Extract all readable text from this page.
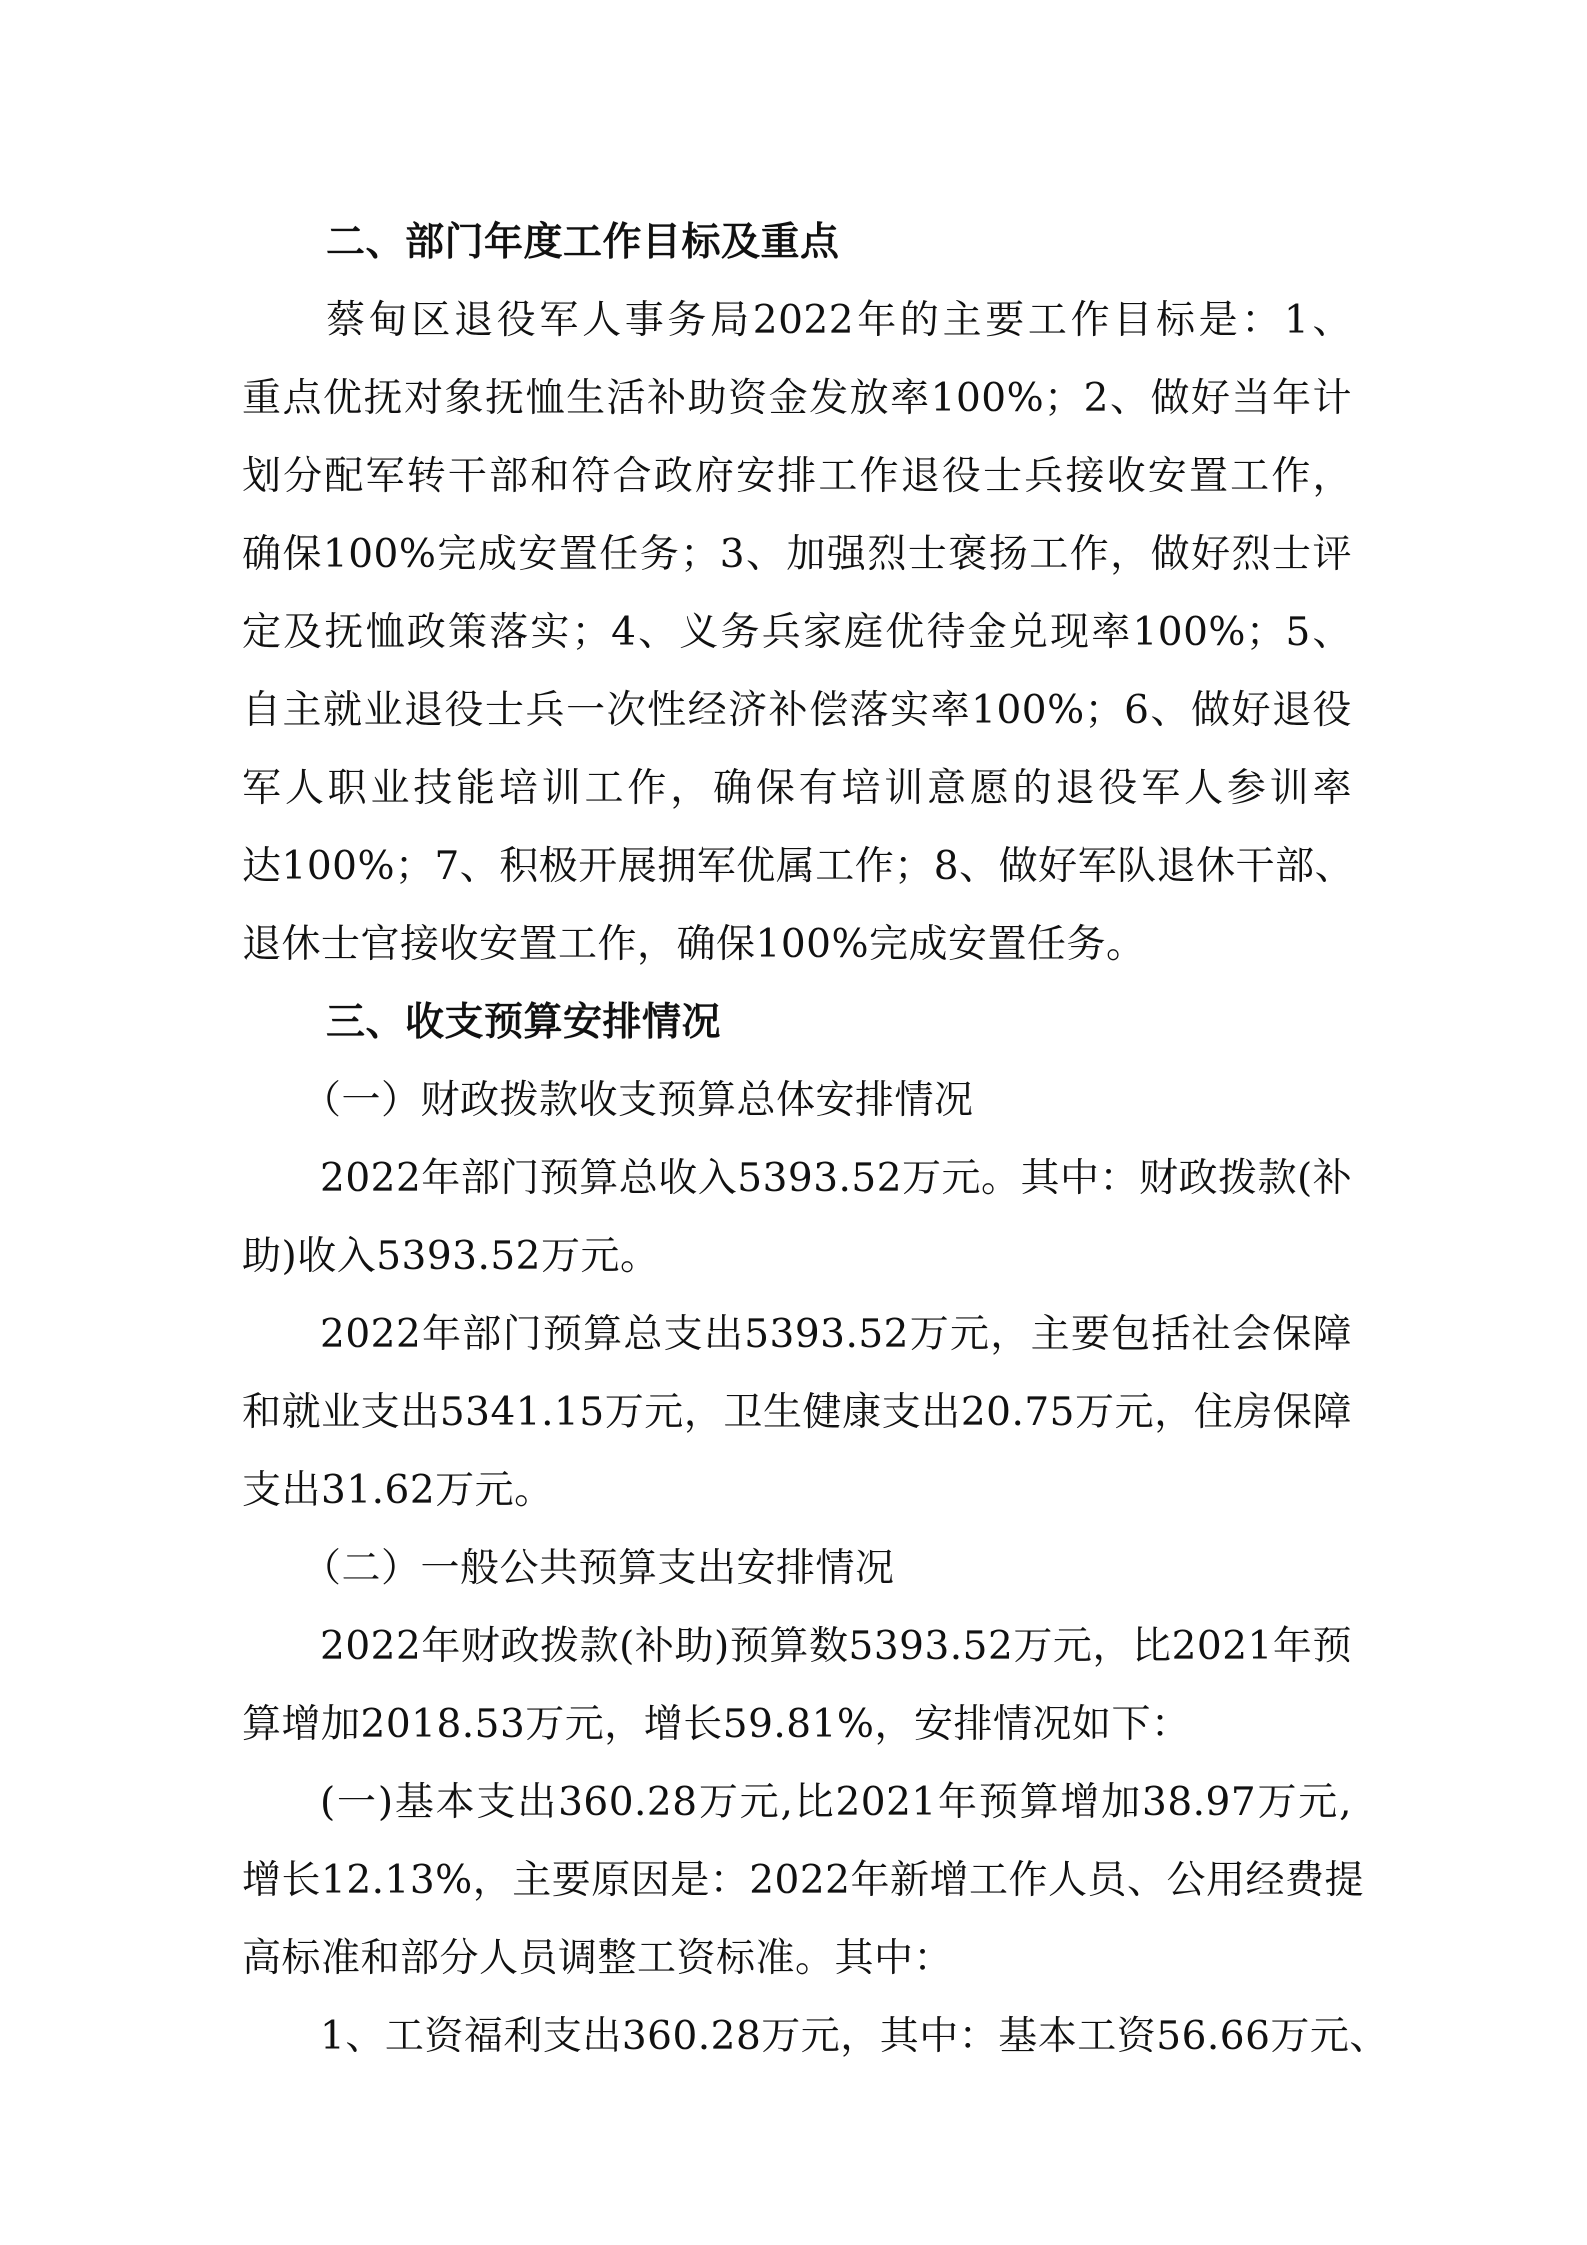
二、部门年度工作目标及重点
蔡甸区退役军人事务局2022年的主要工作目标是：1、
重点优抚对象抚恤生活补助资金发放率100%；2、做好当年计
划分配军转干部和符合政府安排工作退役士兵接收安置工作，
确保100%完成安置任务；3、加强烈士褒扬工作，做好烈士评
定及抚恤政策落实；4、义务兵家庭优待金兑现率100%；5、
自主就业退役士兵一次性经济补偿落实率100%；6、做好退役
军人职业技能培训工作，确保有培训意愿的退役军人参训率
达100%；7、积极开展拥军优属工作；8、做好军队退休干部、
退休士官接收安置工作，确保100%完成安置任务。
三、收支预算安排情况
（一）财政拨款收支预算总体安排情况
2022年部门预算总收入5393.52万元。其中：财政拨款(补
助)收入5393.52万元。
2022年部门预算总支出5393.52万元，主要包括社会保障
和就业支出5341.15万元，卫生健康支出20.75万元，住房保障
支出31.62万元。
（二）一般公共预算支出安排情况
2022年财政拨款(补助)预算数5393.52万元，比2021年预
算增加2018.53万元，增长59.81%，安排情况如下：
(一)基本支出360.28万元,比2021年预算增加38.97万元,
增长12.13%，主要原因是：2022年新增工作人员、公用经费提
高标准和部分人员调整工资标准。其中：
1、工资福利支出360.28万元，其中：基本工资56.66万元、
